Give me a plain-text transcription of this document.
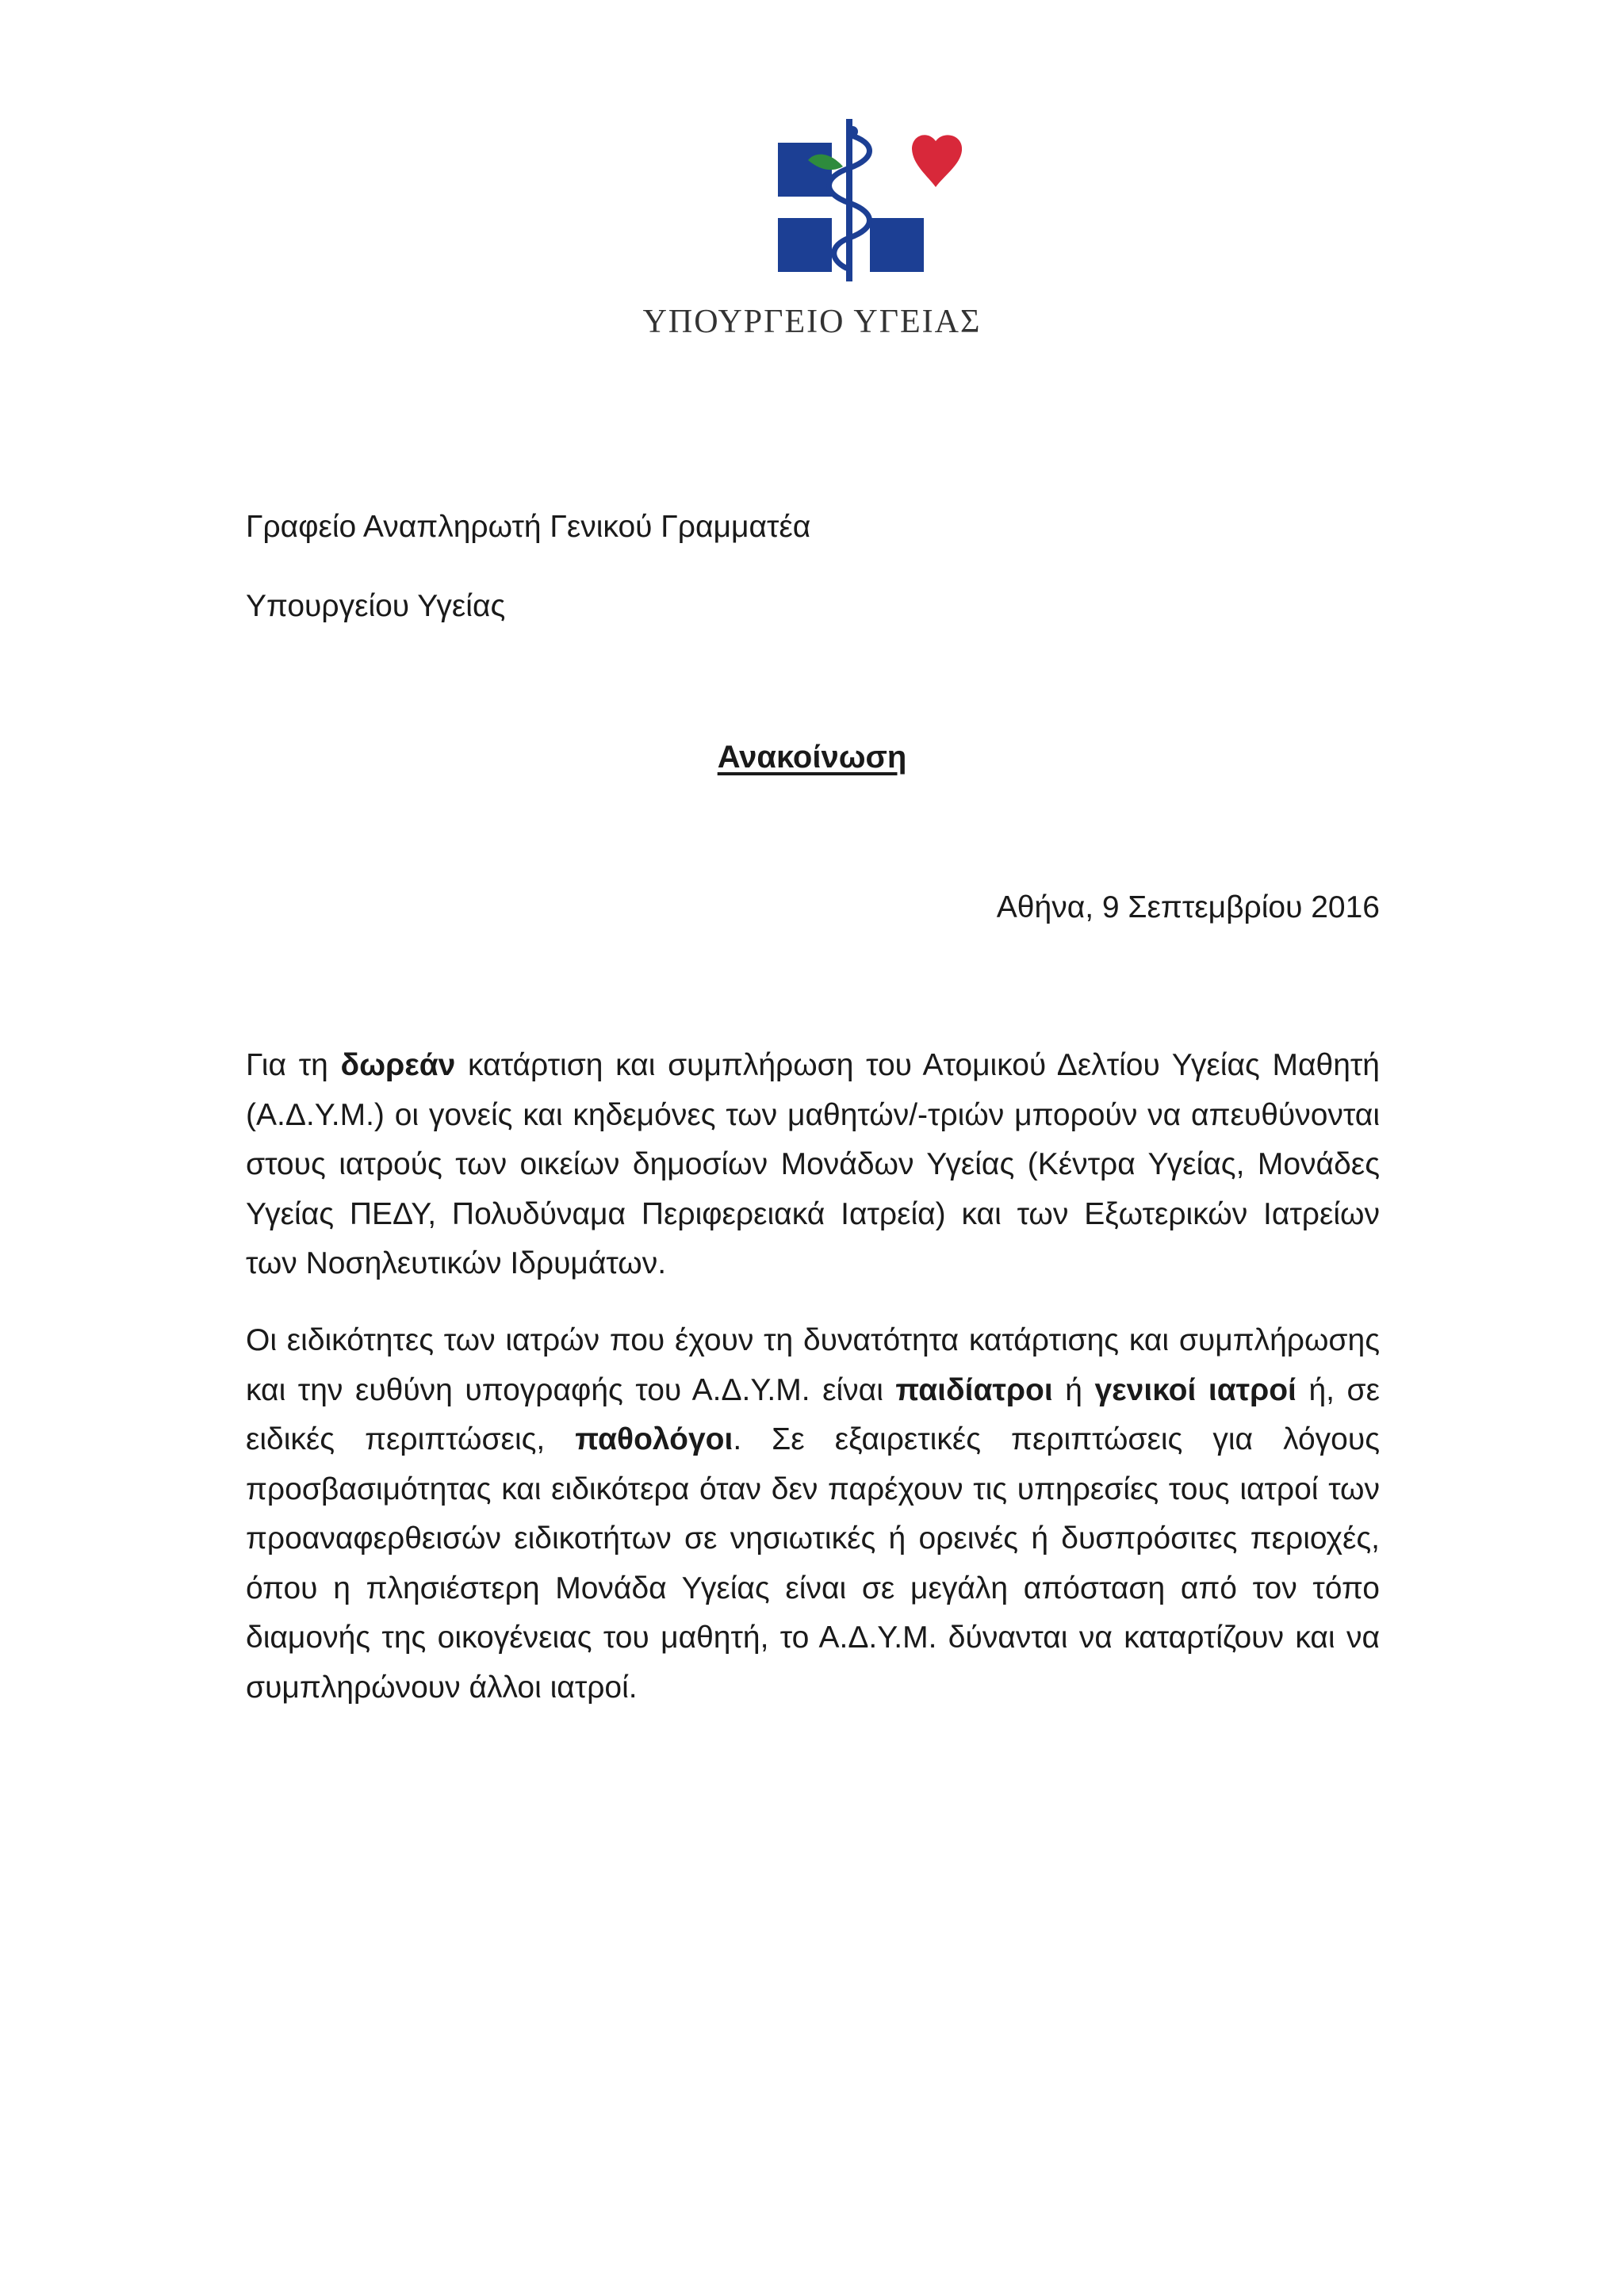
ΥΠΟΥΡΓΕΙΟ ΥΓΕΙΑΣ
Γραφείο Αναπληρωτή Γενικού Γραμματέα
Υπουργείου Υγείας
Ανακοίνωση
Αθήνα, 9 Σεπτεμβρίου 2016
Για τη δωρεάν κατάρτιση και συμπλήρωση του Ατομικού Δελτίου Υγείας Μαθητή (Α.Δ.Υ.Μ.) οι γονείς και κηδεμόνες των μαθητών/-τριών μπορούν να απευθύνονται στους ιατρούς των οικείων δημοσίων Μονάδων Υγείας (Κέντρα Υγείας, Μονάδες Υγείας ΠΕΔΥ, Πολυδύναμα Περιφερειακά Ιατρεία) και των Εξωτερικών Ιατρείων των Νοσηλευτικών Ιδρυμάτων.
Οι ειδικότητες των ιατρών που έχουν τη δυνατότητα κατάρτισης και συμπλήρωσης και την ευθύνη υπογραφής του Α.Δ.Υ.Μ. είναι παιδίατροι ή γενικοί ιατροί ή, σε ειδικές περιπτώσεις, παθολόγοι. Σε εξαιρετικές περιπτώσεις για λόγους προσβασιμότητας και ειδικότερα όταν δεν παρέχουν τις υπηρεσίες τους ιατροί των προαναφερθεισών ειδικοτήτων σε νησιωτικές ή ορεινές ή δυσπρόσιτες περιοχές, όπου η πλησιέστερη Μονάδα Υγείας είναι σε μεγάλη απόσταση από τον τόπο διαμονής της οικογένειας του μαθητή, το Α.Δ.Υ.Μ. δύνανται να καταρτίζουν και να συμπληρώνουν άλλοι ιατροί.
